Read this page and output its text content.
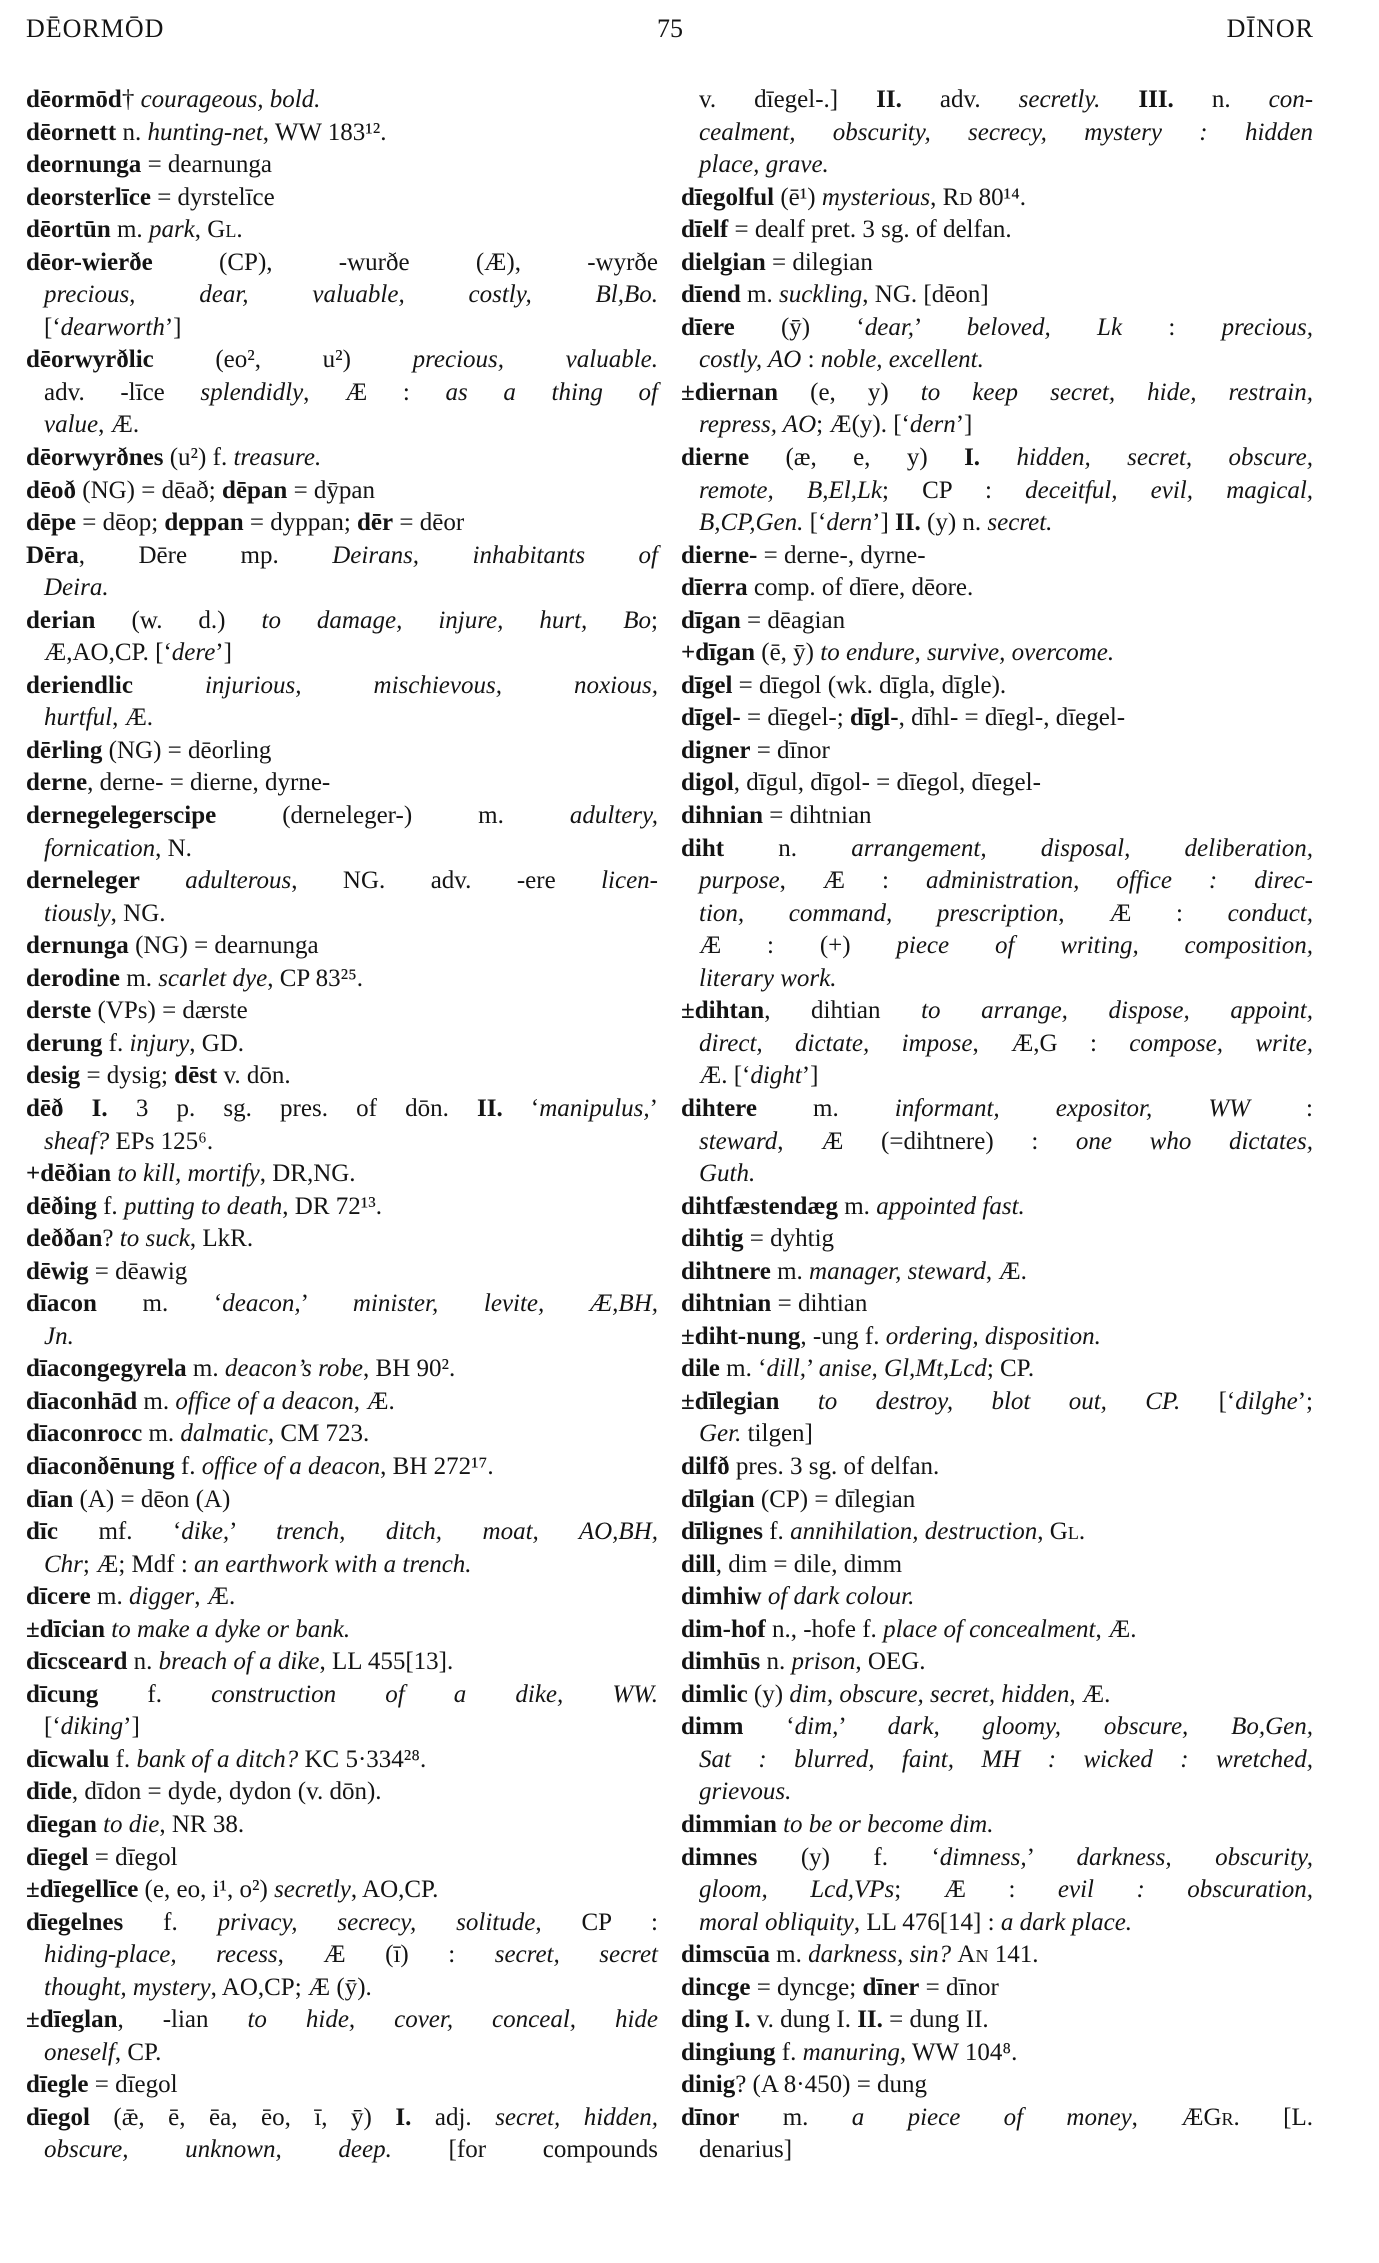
DĒORMŌD	75	DĪNOR
dēormōd† courageous, bold.
dēornett n. hunting-net, WW 183¹².
deornunga = dearnunga
deorsterlīce = dyrstelīce
dēortūn m. park, Gl.
dēor-wierðe (CP), -wurðe (Æ), -wyrðe
precious, dear, valuable, costly, Bl,Bo.
[‘dearworth’]
dēorwyrðlic (eo², u²) precious, valuable.
adv. -līce splendidly, Æ : as a thing of
value, Æ.
dēorwyrðnes (u²) f. treasure.
dēoð (NG) = dēað; dēpan = dȳpan
dēpe = dēop; deppan = dyppan; dēr = dēor
Dēra, Dēre mp. Deirans, inhabitants of
Deira.
derian (w. d.) to damage, injure, hurt, Bo;
Æ,AO,CP. [‘dere’]
deriendlic	injurious, mischievous, noxious,
hurtful, Æ.
dērling (NG) = dēorling
derne, derne- = dierne, dyrne-
dernegelegerscipe (derneleger-) m. adultery,
fornication, N.
derneleger adulterous, NG. adv. -ere licen-
tiously, NG.
dernunga (NG) = dearnunga
derodine m. scarlet dye, CP 83²⁵.
derste (VPs) = dærste
derung f. injury, GD.
desig = dysig; dēst v. dōn.
dēð I. 3 p. sg. pres. of dōn. II. ‘manipulus,’
sheaf? EPs 125⁶.
+dēðian to kill, mortify, DR,NG.
dēðing f. putting to death, DR 72¹³.
deððan? to suck, LkR.
dēwig = dēawig
dīacon m. ‘deacon,’ minister, levite, Æ,BH,
Jn.
dīacongegyrela m. deacon’s robe, BH 90².
dīaconhād m. office of a deacon, Æ.
dīaconrocc m. dalmatic, CM 723.
dīaconðēnung f. office of a deacon, BH 272¹⁷.
dīan (A) = dēon (A)
dīc mf. ‘dike,’ trench, ditch, moat, AO,BH,
Chr; Æ; Mdf : an earthwork with a trench.
dīcere m. digger, Æ.
±dīcian to make a dyke or bank.
dīcsceard n. breach of a dike, LL 455[13].
dīcung f. construction of a dike, WW.
[‘diking’]
dīcwalu f. bank of a ditch? KC 5·334²⁸.
dīde, dīdon = dyde, dydon (v. dōn).
dīegan to die, NR 38.
dīegel = dīegol
±dīegellīce (e, eo, i¹, o²) secretly, AO,CP.
dīegelnes f. privacy, secrecy, solitude, CP :
hiding-place, recess, Æ (ī) : secret, secret
thought, mystery, AO,CP; Æ (ȳ).
±dīeglan, -lian to hide, cover, conceal, hide
oneself, CP.
dīegle = dīegol
dīegol (ǣ, ē, ēa, ēo, ī, ȳ) I. adj. secret, hidden,
obscure, unknown, deep. [for compounds
v. dīegel-.] II. adv. secretly. III. n. con-
cealment, obscurity, secrecy, mystery : hidden
place, grave.
dīegolful (ē¹) mysterious, Rd 80¹⁴.
dīelf = dealf pret. 3 sg. of delfan.
dielgian = dilegian
dīend m. suckling, NG. [dēon]
dīere (ȳ) ‘dear,’ beloved, Lk : precious,
costly, AO : noble, excellent.
±diernan (e, y) to keep secret, hide, restrain,
repress, AO; Æ(y). [‘dern’]
dierne (æ, e, y) I. hidden, secret, obscure,
remote, B,El,Lk; CP : deceitful, evil, magical,
B,CP,Gen. [‘dern’] II. (y) n. secret.
dierne- = derne-, dyrne-
dīerra comp. of dīere, dēore.
dīgan = dēagian
+dīgan (ē, ȳ) to endure, survive, overcome.
dīgel = dīegol (wk. dīgla, dīgle).
dīgel- = dīegel-; dīgl-, dīhl- = dīegl-, dīegel-
digner = dīnor
digol, dīgul, dīgol- = dīegol, dīegel-
dihnian = dihtnian
diht n. arrangement, disposal, deliberation,
purpose, Æ : administration, office : direc-
tion, command, prescription, Æ : conduct,
Æ : (+) piece of writing, composition,
literary work.
±dihtan, dihtian to arrange, dispose, appoint,
direct, dictate, impose, Æ,G : compose, write,
Æ. [‘dight’]
dihtere m. informant, expositor, WW :
steward, Æ (=dihtnere) : one who dictates,
Guth.
dihtfæstendæg m. appointed fast.
dihtig = dyhtig
dihtnere m. manager, steward, Æ.
dihtnian = dihtian
±diht-nung, -ung f. ordering, disposition.
dile m. ‘dill,’ anise, Gl,Mt,Lcd; CP.
±dīlegian to destroy, blot out, CP. [‘dilghe’;
Ger. tilgen]
dilfð pres. 3 sg. of delfan.
dīlgian (CP) = dīlegian
dīlignes f. annihilation, destruction, Gl.
dill, dim = dile, dimm
dimhiw of dark colour.
dim-hof n., -hofe f. place of concealment, Æ.
dimhūs n. prison, OEG.
dimlic (y) dim, obscure, secret, hidden, Æ.
dimm ‘dim,’ dark, gloomy, obscure, Bo,Gen,
Sat : blurred, faint, MH : wicked : wretched,
grievous.
dimmian to be or become dim.
dimnes (y) f. ‘dimness,’ darkness, obscurity,
gloom, Lcd,VPs; Æ : evil : obscuration,
moral obliquity, LL 476[14] : a dark place.
dimscūa m. darkness, sin? An 141.
dincge = dyncge; dīner = dīnor
ding I. v. dung I. II. = dung II.
dingiung f. manuring, WW 104⁸.
dinig? (A 8·450) = dung
dīnor m. a piece of money, ÆGr. [L.
denarius]
